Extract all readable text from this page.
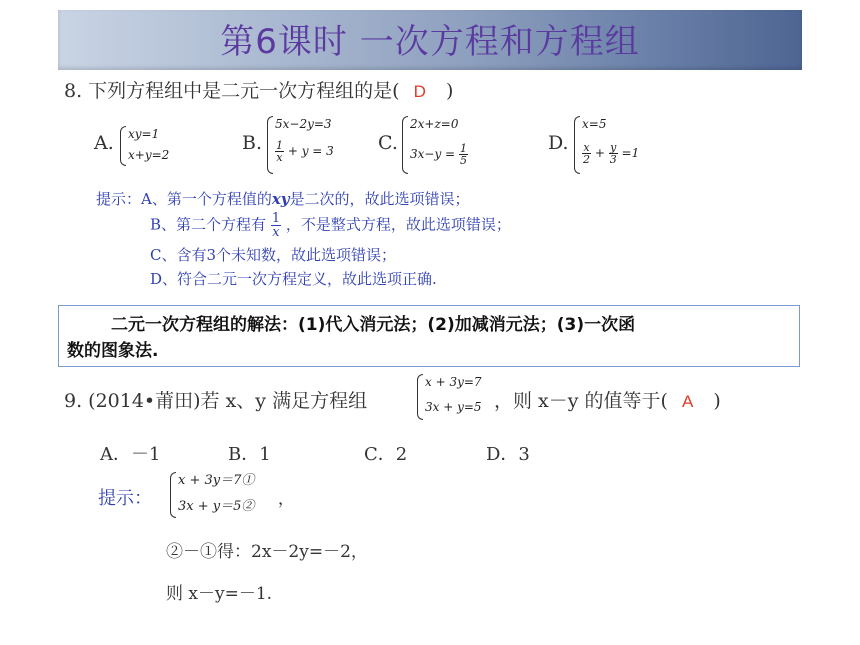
第6课时 一次方程和方程组
8. 下列方程组中是二元一次方程组的是( D )
A. xy=1
x+y=2
B.
5x−2y=3
$\frac{1}{x} + y = 3$ C.
2x+z=0
$3x-y = \frac{1}{5}$	D.
x=5
$\frac{x}{2} + \frac{y}{3} =1$
提示：A、第一个方程值的xy是二次的，故此选项错误；
B、第二个方程有 $\frac{1}{x}$ ，不是整式方程，故此选项错误；
C、含有3个未知数，故此选项错误；
D、符合二元一次方程定义，故此选项正确.
二元一次方程组的解法：(1)代入消元法；(2)加减消元法；(3)一次函
数的图象法.
9. (2014•莆田)若 x、y 满足方程组
x + 3y=7
3x + y=5 ，则 x－y 的值等于( A )
A．－1	B．1	C．2	D．3
提示：
x + 3y＝7①
3x + y＝5② ，
②－①得：2x－2y=－2，
则 x－y=－1.
